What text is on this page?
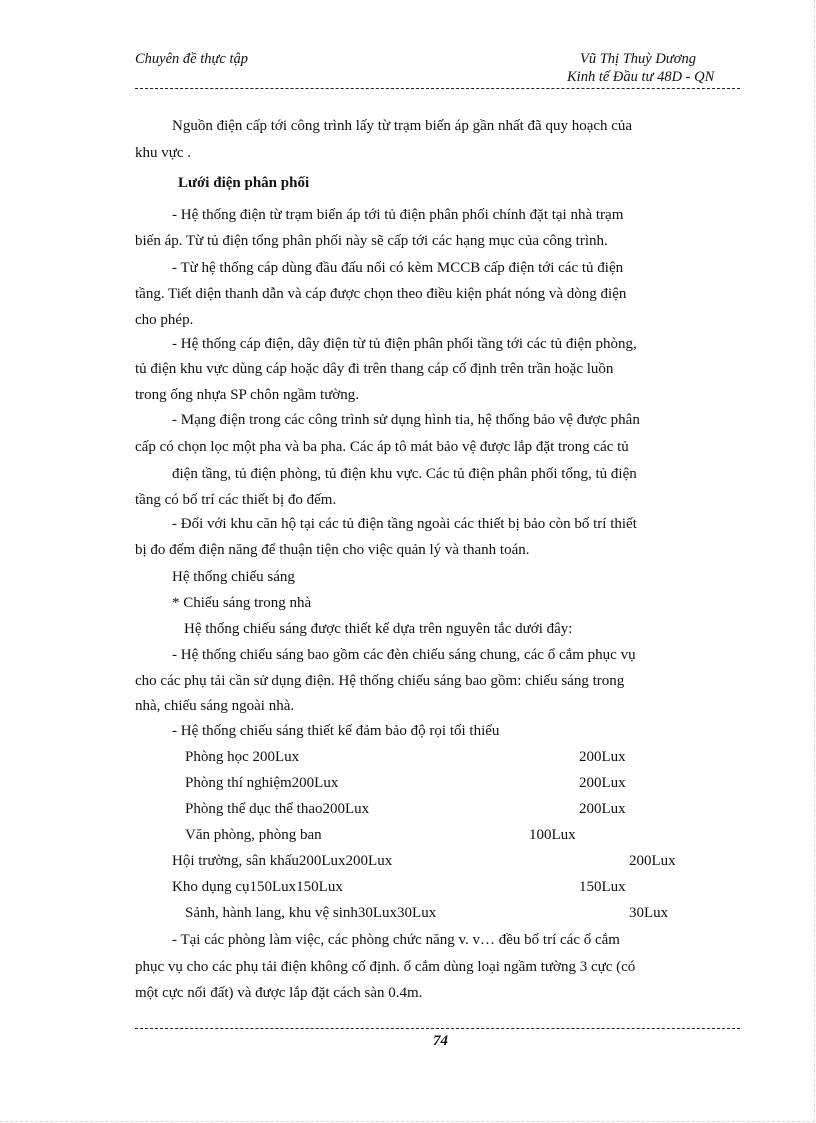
Chuyên đề thực tập	Vũ Thị Thuỳ Dương
Kinh tế Đầu tư 48D - QN
Nguồn điện cấp tới công trình lấy từ trạm biến áp gần nhất đã quy hoạch của
khu vực .
Lưới điện phân phối
- Hệ thống điện từ trạm biến áp tới tủ điện phân phối chính đặt tại nhà trạm
biến áp. Từ tủ điện tổng phân phối này sẽ cấp tới các hạng mục của công trình.
- Từ hệ thống cáp dùng đầu đấu nối có kèm MCCB cấp điện tới các tủ điện
tầng. Tiết diện thanh dẫn và cáp được chọn theo điều kiện phát nóng và dòng điện
cho phép.
- Hệ thống cáp điện, dây điện từ tủ điện phân phối tầng tới các tủ điện phòng,
tủ điện khu vực dùng cáp hoặc dây đi trên thang cáp cố định trên trần hoặc luồn
trong ống nhựa SP chôn ngầm tường.
- Mạng điện trong các công trình sử dụng hình tia, hệ thống bảo vệ được phân
cấp có chọn lọc một pha và ba pha. Các áp tô mát bảo vệ được lắp đặt trong các tủ
điện tầng, tủ điện phòng, tủ điện khu vực. Các tủ điện phân phối tổng, tủ điện
tầng có bố trí các thiết bị đo đếm.
- Đối với khu căn hộ tại các tủ điện tầng ngoài các thiết bị bảo còn bố trí thiết
bị đo đếm điện năng để thuận tiện cho việc quản lý và thanh toán.
Hệ thống chiếu sáng
* Chiếu sáng trong nhà
Hệ thống chiếu sáng được thiết kế dựa trên nguyên tắc dưới đây:
- Hệ thống chiếu sáng bao gồm các đèn chiếu sáng chung, các ổ cắm phục vụ
cho các phụ tải cần sử dụng điện. Hệ thống chiếu sáng bao gồm: chiếu sáng trong
nhà, chiếu sáng ngoài nhà.
- Hệ thống chiếu sáng thiết kế đảm bảo độ rọi tối thiểu
Phòng học 200Lux	200Lux
Phòng thí nghiệm200Lux	200Lux
Phòng thể dục thể thao200Lux	200Lux
Văn phòng, phòng ban	100Lux
Hội trường, sân khấu200Lux200Lux	200Lux
Kho dụng cụ150Lux150Lux	150Lux
Sảnh, hành lang, khu vệ sinh30Lux30Lux	30Lux
- Tại các phòng làm việc, các phòng chức năng v. v… đều bố trí các ổ cắm
phục vụ cho các phụ tải điện không cố định. ổ cắm dùng loại ngầm tường 3 cực (có
một cực nối đất) và được lắp đặt cách sàn 0.4m.
74
